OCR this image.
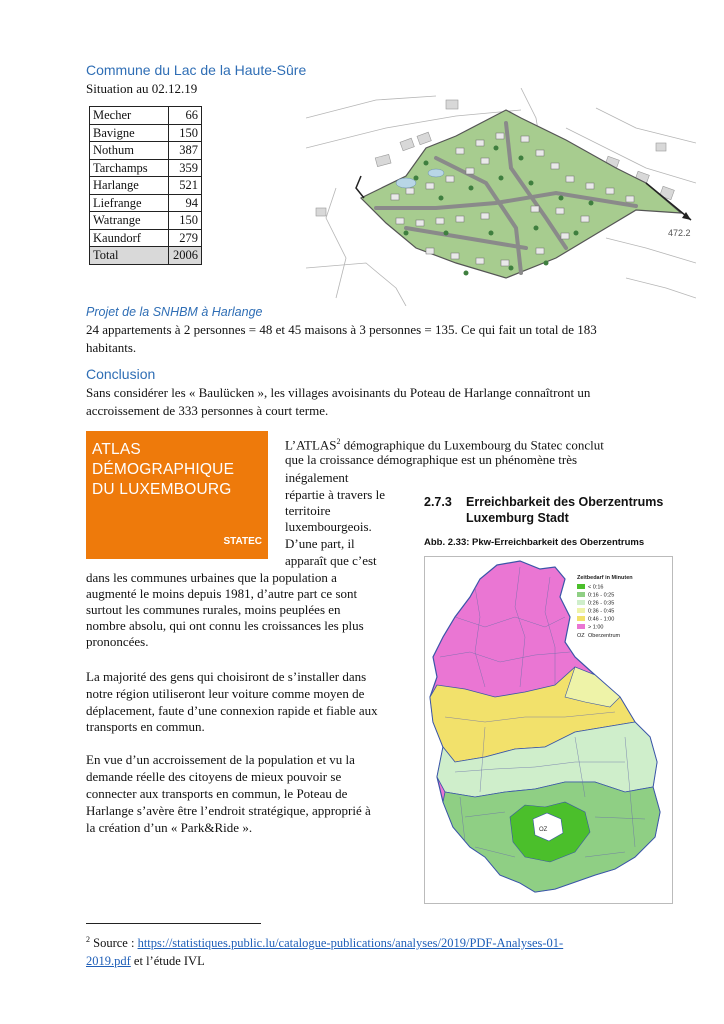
Commune du Lac de la Haute-Sûre
Situation au 02.12.19
Mecher	66
Bavigne	150
Nothum	387
Tarchamps	359
Harlange	521
Liefrange	94
Watrange	150
Kaundorf	279
Total	2006
472.2
Projet de la SNHBM à Harlange
24 appartements à 2 personnes = 48 et 45 maisons à 3 personnes = 135. Ce qui fait un total de 183 habitants.
Conclusion
Sans considérer les « Baulücken », les villages avoisinants du Poteau de Harlange connaîtront un accroissement de 333 personnes à court terme.
ATLAS DÉMOGRAPHIQUE
DU LUXEMBOURG
STATEC
L’ATLAS$^2$ démographique du Luxembourg du Statec conclut
que la croissance démographique est un phénomène très
inégalement
répartie à travers le
territoire
luxembourgeois.
D’une part, il
apparaît que c’est
dans les communes urbaines que la population a
augmenté le moins depuis 1981, d’autre part ce sont
surtout les communes rurales, moins peuplées en
nombre absolu, qui ont connu les croissances les plus
prononcées.
La majorité des gens qui choisiront de s’installer dans
notre région utiliseront leur voiture comme moyen de
déplacement, faute d’une connexion rapide et fiable aux
transports en commun.
En vue d’un accroissement de la population et vu la
demande réelle des citoyens de mieux pouvoir se
connecter aux transports en commun, le Poteau de
Harlange s’avère être l’endroit stratégique, approprié à
la création d’un « Park&Ride ».
2.7.3 Erreichbarkeit des Oberzentrums
Luxemburg Stadt
Abb. 2.33: Pkw-Erreichbarkeit des Oberzentrums
OZ
Zeitbedarf in Minuten
< 0:16
0:16 - 0:25
0:26 - 0:35
0:36 - 0:45
0:46 - 1:00
> 1:00
OZ Oberzentrum
$^2$ Source : https://statistiques.public.lu/catalogue-publications/analyses/2019/PDF-Analyses-01-
2019.pdf et l’étude IVL
